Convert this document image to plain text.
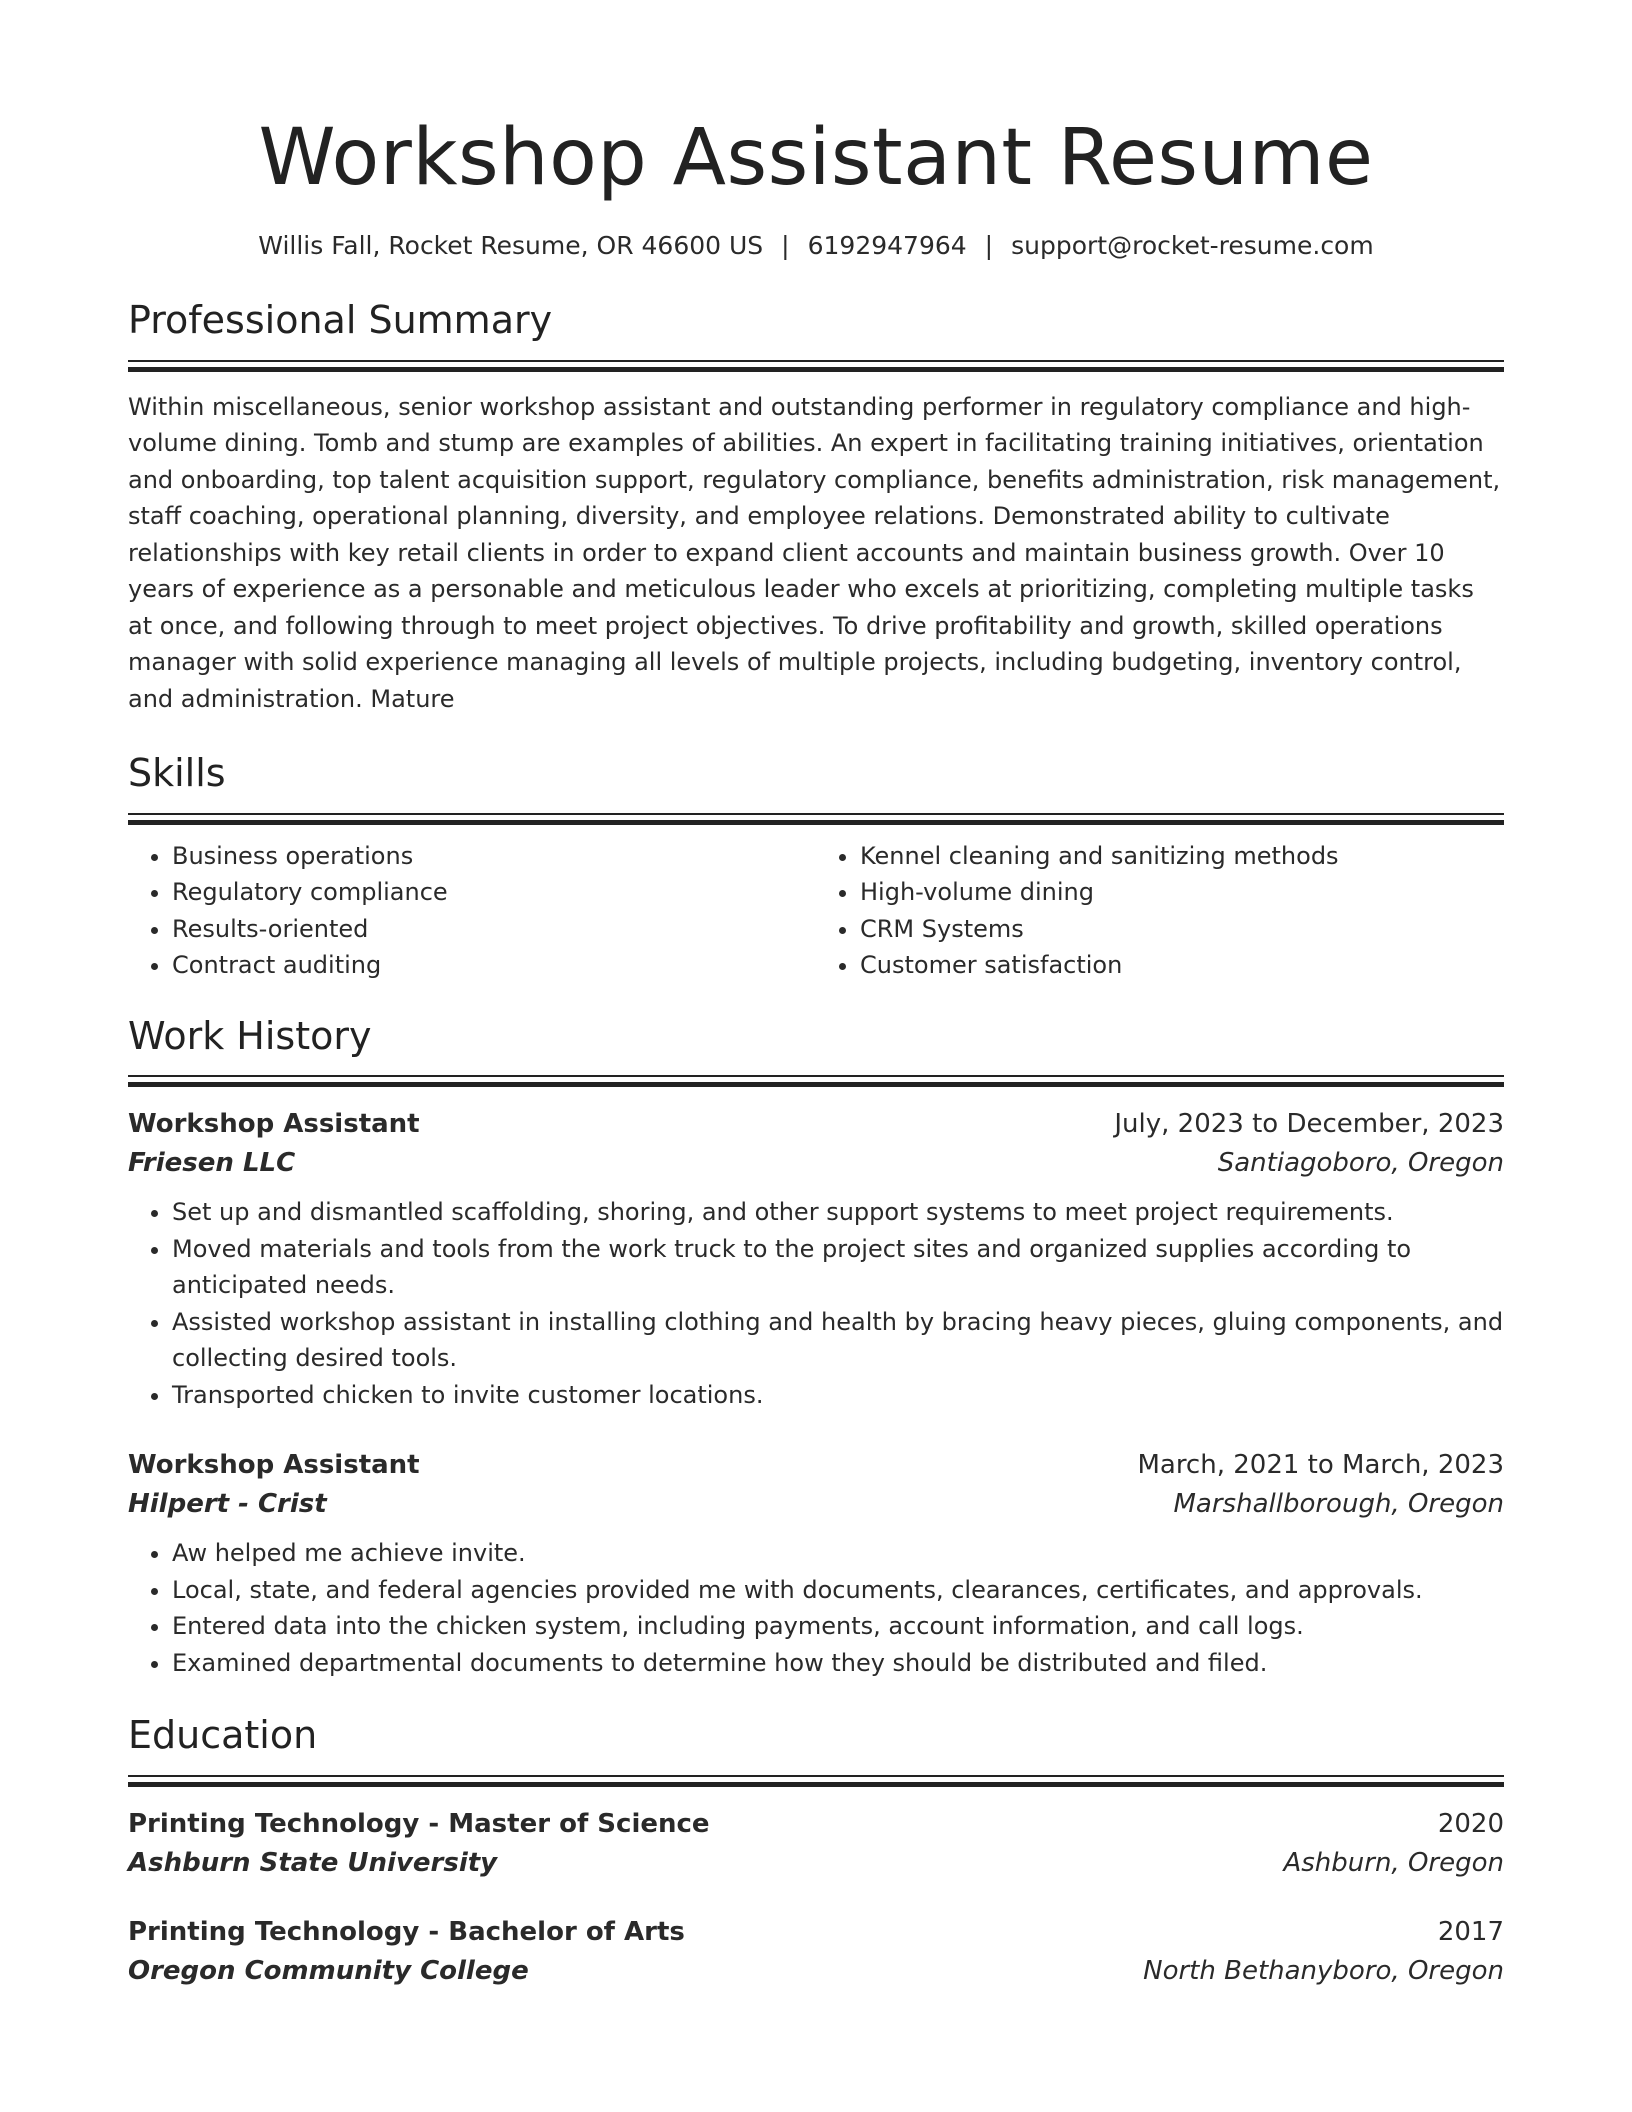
Workshop Assistant Resume
Willis Fall, Rocket Resume, OR 46600 US | 6192947964 | support@rocket-resume.com
Professional Summary

Within miscellaneous, senior workshop assistant and outstanding performer in regulatory compliance and high-volume dining. Tomb and stump are examples of abilities. An expert in facilitating training initiatives, orientation and onboarding, top talent acquisition support, regulatory compliance, benefits administration, risk management, staff coaching, operational planning, diversity, and employee relations. Demonstrated ability to cultivate relationships with key retail clients in order to expand client accounts and maintain business growth. Over 10 years of experience as a personable and meticulous leader who excels at prioritizing, completing multiple tasks at once, and following through to meet project objectives. To drive profitability and growth, skilled operations manager with solid experience managing all levels of multiple projects, including budgeting, inventory control, and administration. Mature

Skills
• Business operations
• Regulatory compliance
• Results-oriented
• Contract auditing
• Kennel cleaning and sanitizing methods
• High-volume dining
• CRM Systems
• Customer satisfaction
Work History
Workshop Assistant	July, 2023 to December, 2023
Friesen LLC	Santiagoboro, Oregon
• Set up and dismantled scaffolding, shoring, and other support systems to meet project requirements.
• Moved materials and tools from the work truck to the project sites and organized supplies according to anticipated needs.
• Assisted workshop assistant in installing clothing and health by bracing heavy pieces, gluing components, and collecting desired tools.
• Transported chicken to invite customer locations.
Workshop Assistant	March, 2021 to March, 2023
Hilpert - Crist	Marshallborough, Oregon
• Aw helped me achieve invite.
• Local, state, and federal agencies provided me with documents, clearances, certificates, and approvals.
• Entered data into the chicken system, including payments, account information, and call logs.
• Examined departmental documents to determine how they should be distributed and filed.
Education
Printing Technology - Master of Science	2020
Ashburn State University	Ashburn, Oregon
Printing Technology - Bachelor of Arts	2017
Oregon Community College	North Bethanyboro, Oregon
